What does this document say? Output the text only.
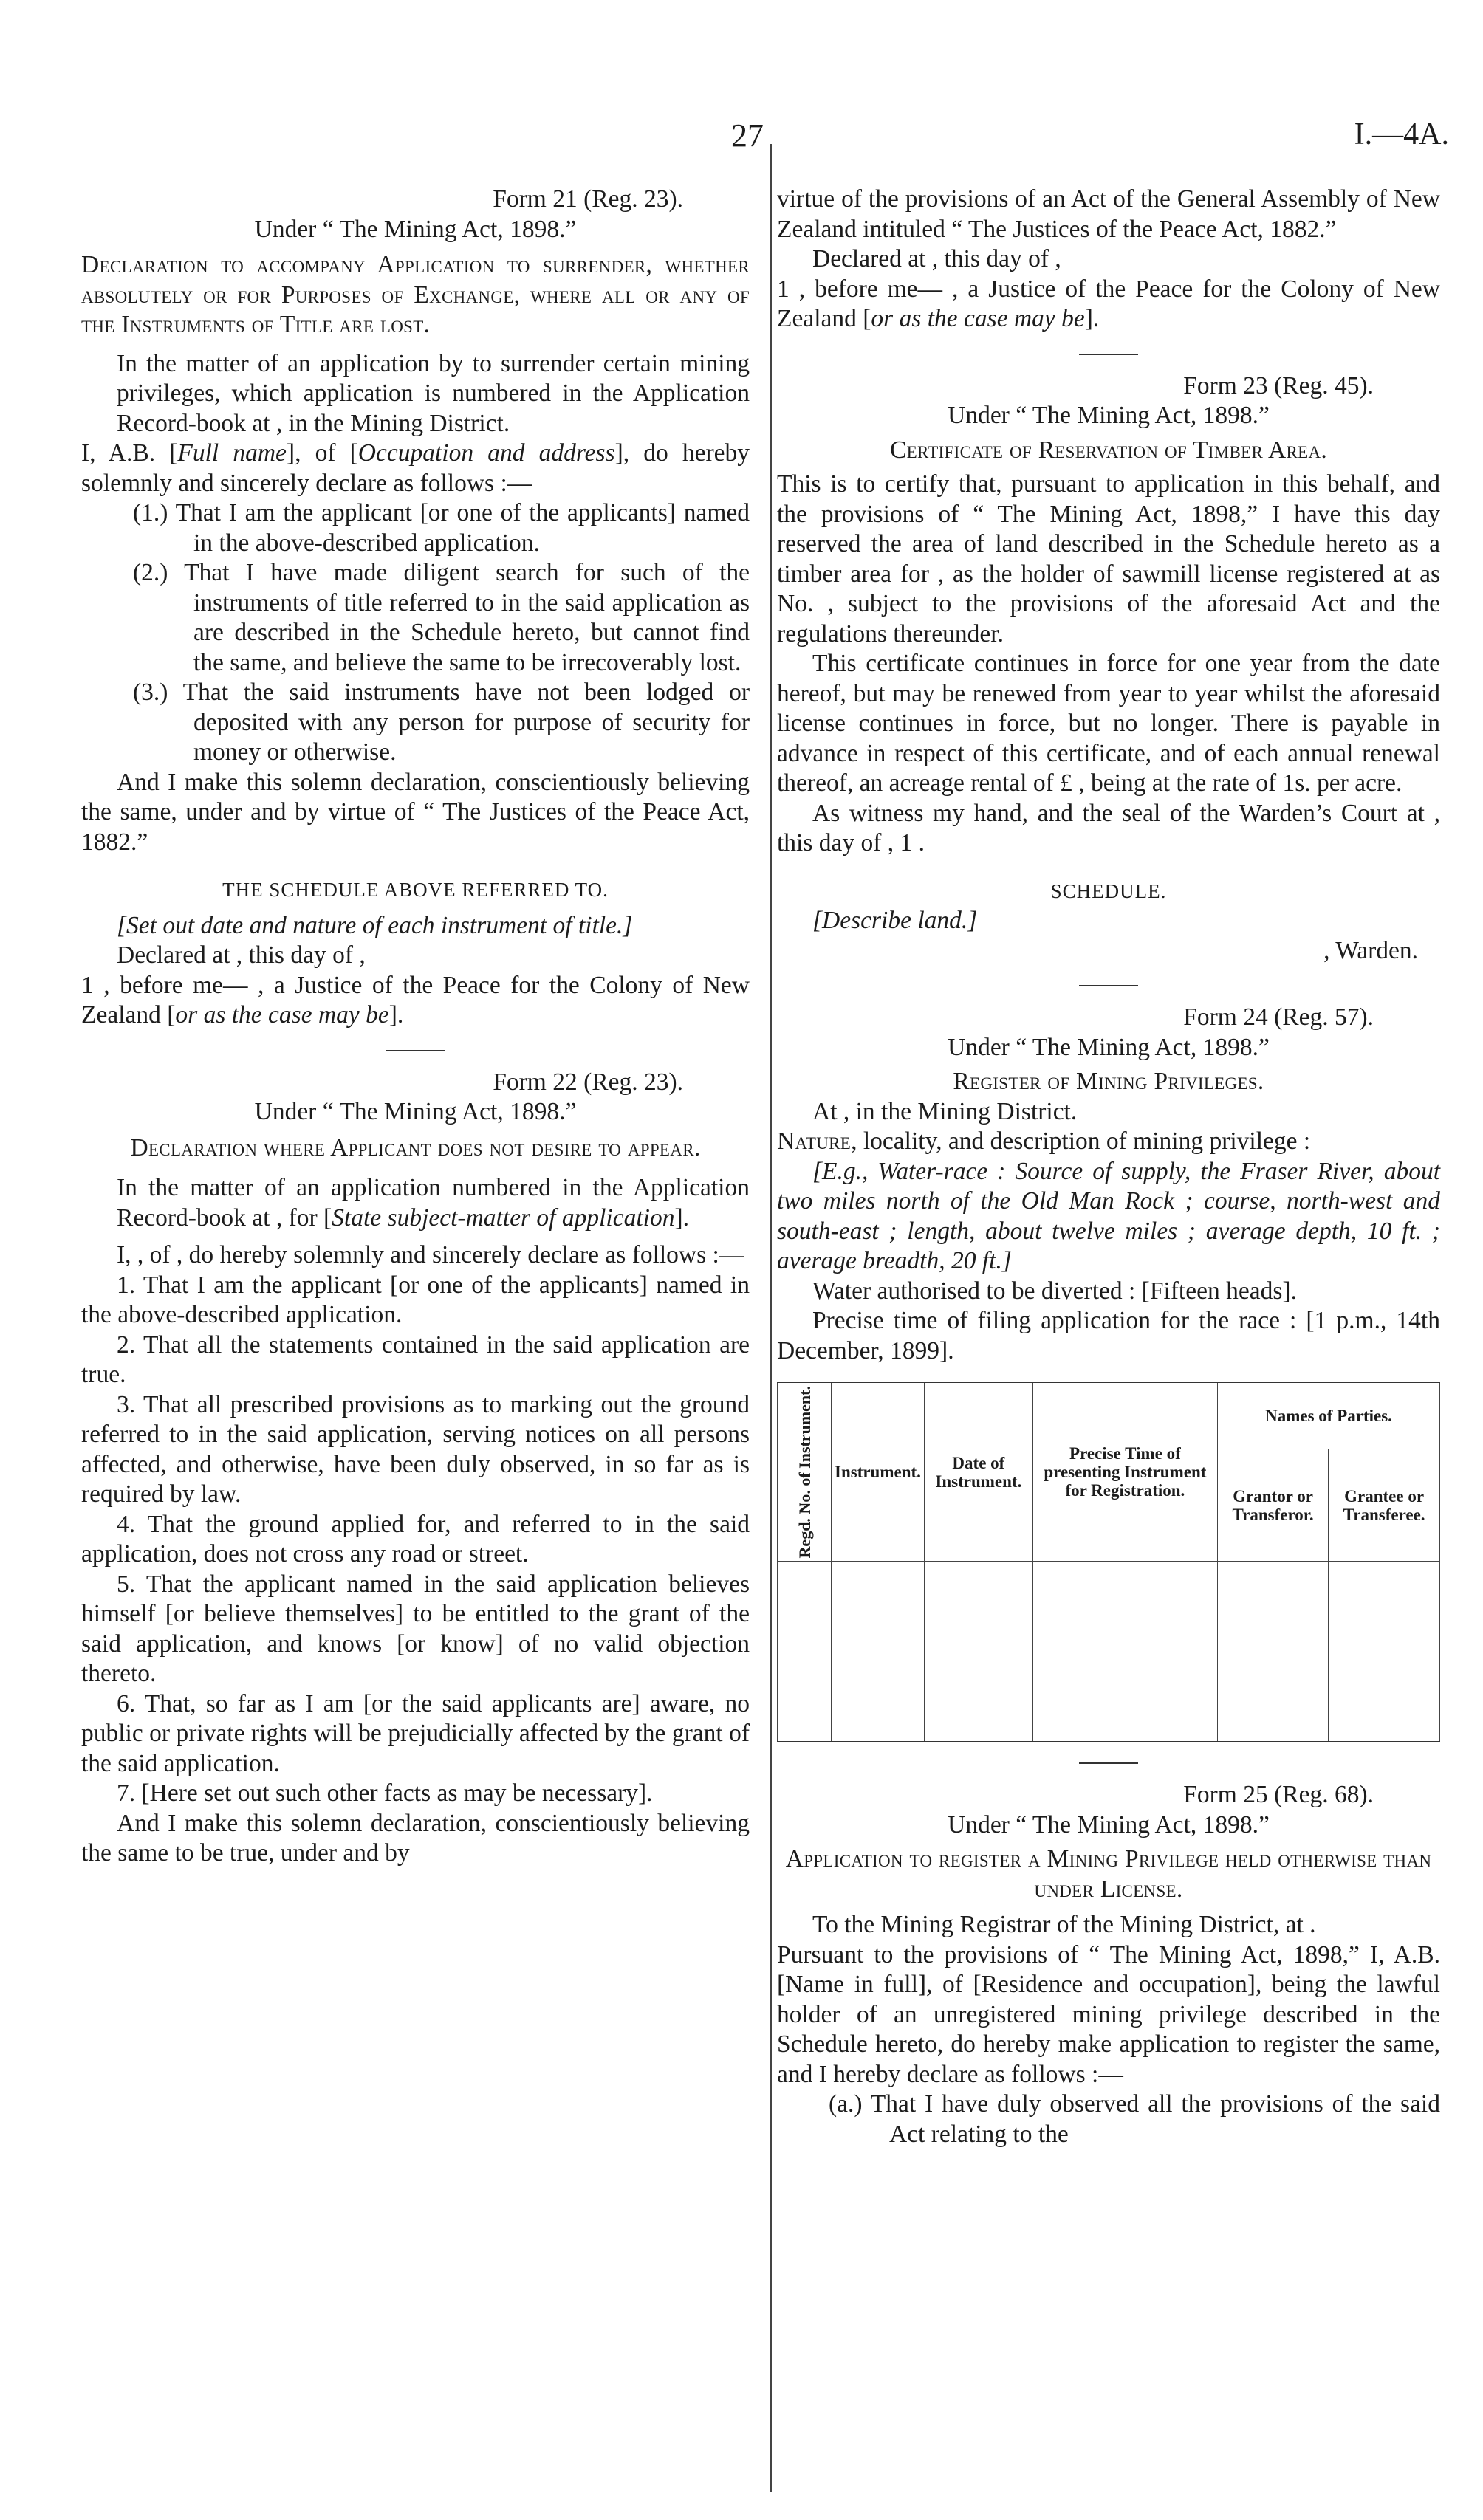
27	I.—4A.

Form 21 (Reg. 23).

Under “ The Mining Act, 1898.”

Declaration to accompany Application to surrender, whether absolutely or for Purposes of Exchange, where all or any of the Instruments of Title are lost.

In the matter of an application by to surrender certain mining privileges, which application is numbered in the Application Record-book at , in the Mining District.

I, A.B. [Full name], of [Occupation and address], do hereby solemnly and sincerely declare as follows :—

(1.) That I am the applicant [or one of the applicants] named in the above-described application.

(2.) That I have made diligent search for such of the instruments of title referred to in the said application as are described in the Schedule hereto, but cannot find the same, and believe the same to be irrecoverably lost.

(3.) That the said instruments have not been lodged or deposited with any person for purpose of security for money or otherwise.

And I make this solemn declaration, conscientiously believing the same, under and by virtue of “ The Justices of the Peace Act, 1882.”

THE SCHEDULE ABOVE REFERRED TO.

[Set out date and nature of each instrument of title.]

Declared at , this day of ,

1 , before me— , a Justice of the Peace for the Colony of New Zealand [or as the case may be].

Form 22 (Reg. 23).

Under “ The Mining Act, 1898.”

Declaration where Applicant does not desire to appear.

In the matter of an application numbered in the Application Record-book at , for [State subject-matter of application].

I, , of , do hereby solemnly and sincerely declare as follows :—

1. That I am the applicant [or one of the applicants] named in the above-described application.

2. That all the statements contained in the said application are true.

3. That all prescribed provisions as to marking out the ground referred to in the said application, serving notices on all persons affected, and otherwise, have been duly observed, in so far as is required by law.

4. That the ground applied for, and referred to in the said application, does not cross any road or street.

5. That the applicant named in the said application believes himself [or believe themselves] to be entitled to the grant of the said application, and knows [or know] of no valid objection thereto.

6. That, so far as I am [or the said applicants are] aware, no public or private rights will be prejudicially affected by the grant of the said application.

7. [Here set out such other facts as may be necessary].

And I make this solemn declaration, conscientiously believing the same to be true, under and by

virtue of the provisions of an Act of the General Assembly of New Zealand intituled “ The Justices of the Peace Act, 1882.”

Declared at , this day of ,

1 , before me— , a Justice of the Peace for the Colony of New Zealand [or as the case may be].

Form 23 (Reg. 45).

Under “ The Mining Act, 1898.”

Certificate of Reservation of Timber Area.

This is to certify that, pursuant to application in this behalf, and the provisions of “ The Mining Act, 1898,” I have this day reserved the area of land described in the Schedule hereto as a timber area for , as the holder of sawmill license registered at as No. , subject to the provisions of the aforesaid Act and the regulations thereunder.

This certificate continues in force for one year from the date hereof, but may be renewed from year to year whilst the aforesaid license continues in force, but no longer. There is payable in advance in respect of this certificate, and of each annual renewal thereof, an acreage rental of £ , being at the rate of 1s. per acre.

As witness my hand, and the seal of the Warden’s Court at , this day of , 1 .

SCHEDULE.

[Describe land.]

, Warden.

Form 24 (Reg. 57).

Under “ The Mining Act, 1898.”

Register of Mining Privileges.

At , in the Mining District.

Nature, locality, and description of mining privilege :

[E.g., Water-race : Source of supply, the Fraser River, about two miles north of the Old Man Rock ; course, north-west and south-east ; length, about twelve miles ; average depth, 10 ft. ; average breadth, 20 ft.]

Water authorised to be diverted : [Fifteen heads].

Precise time of filing application for the race : [1 p.m., 14th December, 1899].

Regd. No. of Instrument.	Instrument.	Date of Instrument.	Precise Time of presenting Instrument for Registration.	Names of Parties.	
				Grantor or Transferor.	Grantee or Transferee.

Form 25 (Reg. 68).

Under “ The Mining Act, 1898.”

Application to register a Mining Privilege held otherwise than under License.

To the Mining Registrar of the Mining District, at .

Pursuant to the provisions of “ The Mining Act, 1898,” I, A.B. [Name in full], of [Residence and occupation], being the lawful holder of an unregistered mining privilege described in the Schedule hereto, do hereby make application to register the same, and I hereby declare as follows :—

(a.) That I have duly observed all the provisions of the said Act relating to the
